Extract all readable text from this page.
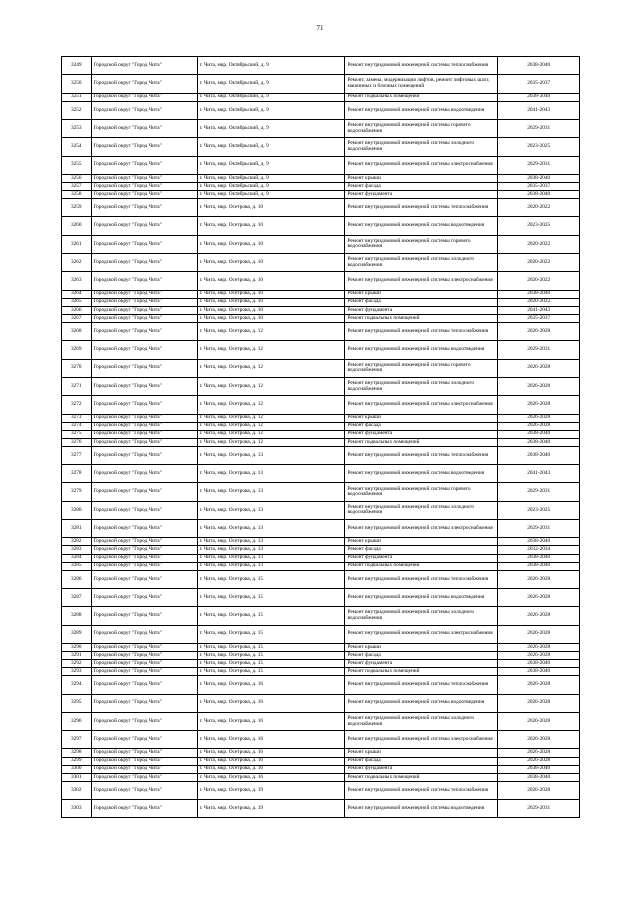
71
3249	Городской округ "Город Чита"	г. Чита, мкр. Октябрьский, д. 9	Ремонт внутридомовой инженерной системы теплоснабжения	2038-2040
3250	Городской округ "Город Чита"	г. Чита, мкр. Октябрьский, д. 9	Ремонт, замена, модернизация лифтов, ремонт лифтовых шахт, машинных и блочных помещений	2035-2037
3251	Городской округ "Город Чита"	г. Чита, мкр. Октябрьский, д. 9	Ремонт подвальных помещений	2038-2040
3252	Городской округ "Город Чита"	г. Чита, мкр. Октябрьский, д. 9	Ремонт внутридомовой инженерной системы водоотведения	2041-2043
3253	Городской округ "Город Чита"	г. Чита, мкр. Октябрьский, д. 9	Ремонт внутридомовой инженерной системы горячего водоснабжения	2029-2031
3254	Городской округ "Город Чита"	г. Чита, мкр. Октябрьский, д. 9	Ремонт внутридомовой инженерной системы холодного водоснабжения	2023-2025
3255	Городской округ "Город Чита"	г. Чита, мкр. Октябрьский, д. 9	Ремонт внутридомовой инженерной системы электроснабжения	2029-2031
3256	Городской округ "Город Чита"	г. Чита, мкр. Октябрьский, д. 9	Ремонт крыши	2038-2040
3257	Городской округ "Город Чита"	г. Чита, мкр. Октябрьский, д. 9	Ремонт фасада	2035-2037
3258	Городской округ "Город Чита"	г. Чита, мкр. Октябрьский, д. 9	Ремонт фундамента	2038-2040
3259	Городской округ "Город Чита"	г. Чита, мкр. Осетрова, д. 10	Ремонт внутридомовой инженерной системы теплоснабжения	2020-2022
3260	Городской округ "Город Чита"	г. Чита, мкр. Осетрова, д. 10	Ремонт внутридомовой инженерной системы водоотведения	2023-2025
3261	Городской округ "Город Чита"	г. Чита, мкр. Осетрова, д. 10	Ремонт внутридомовой инженерной системы горячего водоснабжения	2020-2022
3262	Городской округ "Город Чита"	г. Чита, мкр. Осетрова, д. 10	Ремонт внутридомовой инженерной системы холодного водоснабжения	2020-2022
3263	Городской округ "Город Чита"	г. Чита, мкр. Осетрова, д. 10	Ремонт внутридомовой инженерной системы электроснабжения	2020-2022
3264	Городской округ "Город Чита"	г. Чита, мкр. Осетрова, д. 10	Ремонт крыши	2038-2040
3265	Городской округ "Город Чита"	г. Чита, мкр. Осетрова, д. 10	Ремонт фасада	2020-2022
3266	Городской округ "Город Чита"	г. Чита, мкр. Осетрова, д. 10	Ремонт фундамента	2041-2043
3267	Городской округ "Город Чита"	г. Чита, мкр. Осетрова, д. 10	Ремонт подвальных помещений	2035-2037
3268	Городской округ "Город Чита"	г. Чита, мкр. Осетрова, д. 12	Ремонт внутридомовой инженерной системы теплоснабжения	2026-2028
3269	Городской округ "Город Чита"	г. Чита, мкр. Осетрова, д. 12	Ремонт внутридомовой инженерной системы водоотведения	2029-2031
3270	Городской округ "Город Чита"	г. Чита, мкр. Осетрова, д. 12	Ремонт внутридомовой инженерной системы горячего водоснабжения	2026-2028
3271	Городской округ "Город Чита"	г. Чита, мкр. Осетрова, д. 12	Ремонт внутридомовой инженерной системы холодного водоснабжения	2026-2028
3272	Городской округ "Город Чита"	г. Чита, мкр. Осетрова, д. 12	Ремонт внутридомовой инженерной системы электроснабжения	2026-2028
3273	Городской округ "Город Чита"	г. Чита, мкр. Осетрова, д. 12	Ремонт крыши	2026-2028
3274	Городской округ "Город Чита"	г. Чита, мкр. Осетрова, д. 12	Ремонт фасада	2026-2028
3275	Городской округ "Город Чита"	г. Чита, мкр. Осетрова, д. 12	Ремонт фундамента	2038-2040
3276	Городской округ "Город Чита"	г. Чита, мкр. Осетрова, д. 12	Ремонт подвальных помещений	2038-2040
3277	Городской округ "Город Чита"	г. Чита, мкр. Осетрова, д. 13	Ремонт внутридомовой инженерной системы теплоснабжения	2038-2040
3278	Городской округ "Город Чита"	г. Чита, мкр. Осетрова, д. 13	Ремонт внутридомовой инженерной системы водоотведения	2041-2043
3279	Городской округ "Город Чита"	г. Чита, мкр. Осетрова, д. 13	Ремонт внутридомовой инженерной системы горячего водоснабжения	2029-2031
3280	Городской округ "Город Чита"	г. Чита, мкр. Осетрова, д. 13	Ремонт внутридомовой инженерной системы холодного водоснабжения	2023-2025
3281	Городской округ "Город Чита"	г. Чита, мкр. Осетрова, д. 13	Ремонт внутридомовой инженерной системы электроснабжения	2029-2031
3282	Городской округ "Город Чита"	г. Чита, мкр. Осетрова, д. 13	Ремонт крыши	2038-2040
3283	Городской округ "Город Чита"	г. Чита, мкр. Осетрова, д. 13	Ремонт фасада	2032-2034
3284	Городской округ "Город Чита"	г. Чита, мкр. Осетрова, д. 13	Ремонт фундамента	2038-2040
3285	Городской округ "Город Чита"	г. Чита, мкр. Осетрова, д. 13	Ремонт подвальных помещений	2038-2040
3286	Городской округ "Город Чита"	г. Чита, мкр. Осетрова, д. 15	Ремонт внутридомовой инженерной системы теплоснабжения	2026-2028
3287	Городской округ "Город Чита"	г. Чита, мкр. Осетрова, д. 15	Ремонт внутридомовой инженерной системы водоотведения	2026-2028
3288	Городской округ "Город Чита"	г. Чита, мкр. Осетрова, д. 15	Ремонт внутридомовой инженерной системы холодного водоснабжения	2026-2028
3289	Городской округ "Город Чита"	г. Чита, мкр. Осетрова, д. 15	Ремонт внутридомовой инженерной системы электроснабжения	2026-2028
3290	Городской округ "Город Чита"	г. Чита, мкр. Осетрова, д. 15	Ремонт крыши	2026-2028
3291	Городской округ "Город Чита"	г. Чита, мкр. Осетрова, д. 15	Ремонт фасада	2026-2028
3292	Городской округ "Город Чита"	г. Чита, мкр. Осетрова, д. 15	Ремонт фундамента	2038-2040
3293	Городской округ "Город Чита"	г. Чита, мкр. Осетрова, д. 15	Ремонт подвальных помещений	2038-2040
3294	Городской округ "Город Чита"	г. Чита, мкр. Осетрова, д. 16	Ремонт внутридомовой инженерной системы теплоснабжения	2026-2028
3295	Городской округ "Город Чита"	г. Чита, мкр. Осетрова, д. 16	Ремонт внутридомовой инженерной системы водоотведения	2026-2028
3296	Городской округ "Город Чита"	г. Чита, мкр. Осетрова, д. 16	Ремонт внутридомовой инженерной системы холодного водоснабжения	2026-2028
3297	Городской округ "Город Чита"	г. Чита, мкр. Осетрова, д. 16	Ремонт внутридомовой инженерной системы электроснабжения	2026-2028
3298	Городской округ "Город Чита"	г. Чита, мкр. Осетрова, д. 16	Ремонт крыши	2026-2028
3299	Городской округ "Город Чита"	г. Чита, мкр. Осетрова, д. 16	Ремонт фасада	2026-2028
3300	Городской округ "Город Чита"	г. Чита, мкр. Осетрова, д. 16	Ремонт фундамента	2038-2040
3301	Городской округ "Город Чита"	г. Чита, мкр. Осетрова, д. 16	Ремонт подвальных помещений	2038-2040
3302	Городской округ "Город Чита"	г. Чита, мкр. Осетрова, д. 19	Ремонт внутридомовой инженерной системы теплоснабжения	2026-2028
3303	Городской округ "Город Чита"	г. Чита, мкр. Осетрова, д. 19	Ремонт внутридомовой инженерной системы водоотведения	2029-2031
